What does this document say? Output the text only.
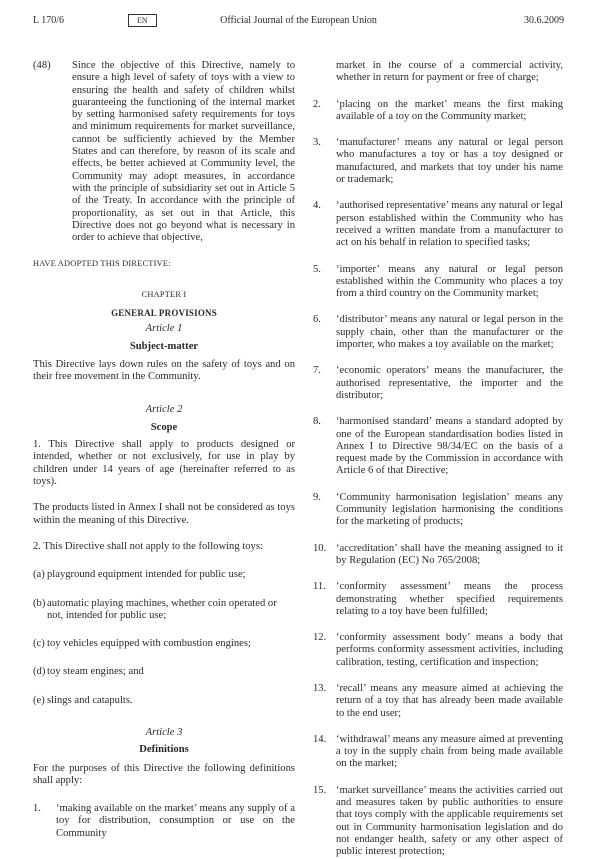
L 170/6	EN	Official Journal of the European Union	30.6.2009

(48) Since the objective of this Directive, namely to ensure a high level of safety of toys with a view to ensuring the health and safety of children whilst guaranteeing the functioning of the internal market by setting harmonised safety requirements for toys and minimum requirements for market surveillance, cannot be sufficiently achieved by the Member States and can therefore, by reason of its scale and effects, be better achieved at Community level, the Community may adopt measures, in accordance with the principle of subsidiarity set out in Article 5 of the Treaty. In accordance with the principle of proportionality, as set out in that Article, this Directive does not go beyond what is necessary in order to achieve that objective,

HAVE ADOPTED THIS DIRECTIVE:

CHAPTER I

GENERAL PROVISIONS

Article 1

Subject-matter

This Directive lays down rules on the safety of toys and on their free movement in the Community.

Article 2

Scope

1. This Directive shall apply to products designed or intended, whether or not exclusively, for use in play by children under 14 years of age (hereinafter referred to as toys).

The products listed in Annex I shall not be considered as toys within the meaning of this Directive.

2. This Directive shall not apply to the following toys:

(a) playground equipment intended for public use;

(b) automatic playing machines, whether coin operated or not, intended for public use;

(c) toy vehicles equipped with combustion engines;

(d) toy steam engines; and

(e) slings and catapults.

Article 3

Definitions

For the purposes of this Directive the following definitions shall apply:

1. ‘making available on the market’ means any supply of a toy for distribution, consumption or use on the Community

market in the course of a commercial activity, whether in return for payment or free of charge;

2. ‘placing on the market’ means the first making available of a toy on the Community market;

3. ‘manufacturer’ means any natural or legal person who manufactures a toy or has a toy designed or manufactured, and markets that toy under his name or trademark;

4. ‘authorised representative’ means any natural or legal person established within the Community who has received a written mandate from a manufacturer to act on his behalf in relation to specified tasks;

5. ‘importer’ means any natural or legal person established within the Community who places a toy from a third country on the Community market;

6. ‘distributor’ means any natural or legal person in the supply chain, other than the manufacturer or the importer, who makes a toy available on the market;

7. ‘economic operators’ means the manufacturer, the authorised representative, the importer and the distributor;

8. ‘harmonised standard’ means a standard adopted by one of the European standardisation bodies listed in Annex I to Directive 98/34/EC on the basis of a request made by the Commission in accordance with Article 6 of that Directive;

9. ‘Community harmonisation legislation’ means any Community legislation harmonising the conditions for the marketing of products;

10. ‘accreditation’ shall have the meaning assigned to it by Regulation (EC) No 765/2008;

11. ‘conformity assessment’ means the process demonstrating whether specified requirements relating to a toy have been fulfilled;

12. ‘conformity assessment body’ means a body that performs conformity assessment activities, including calibration, testing, certification and inspection;

13. ‘recall’ means any measure aimed at achieving the return of a toy that has already been made available to the end user;

14. ‘withdrawal’ means any measure aimed at preventing a toy in the supply chain from being made available on the market;

15. ‘market surveillance’ means the activities carried out and measures taken by public authorities to ensure that toys comply with the applicable requirements set out in Community harmonisation legislation and do not endanger health, safety or any other aspect of public interest protection;
